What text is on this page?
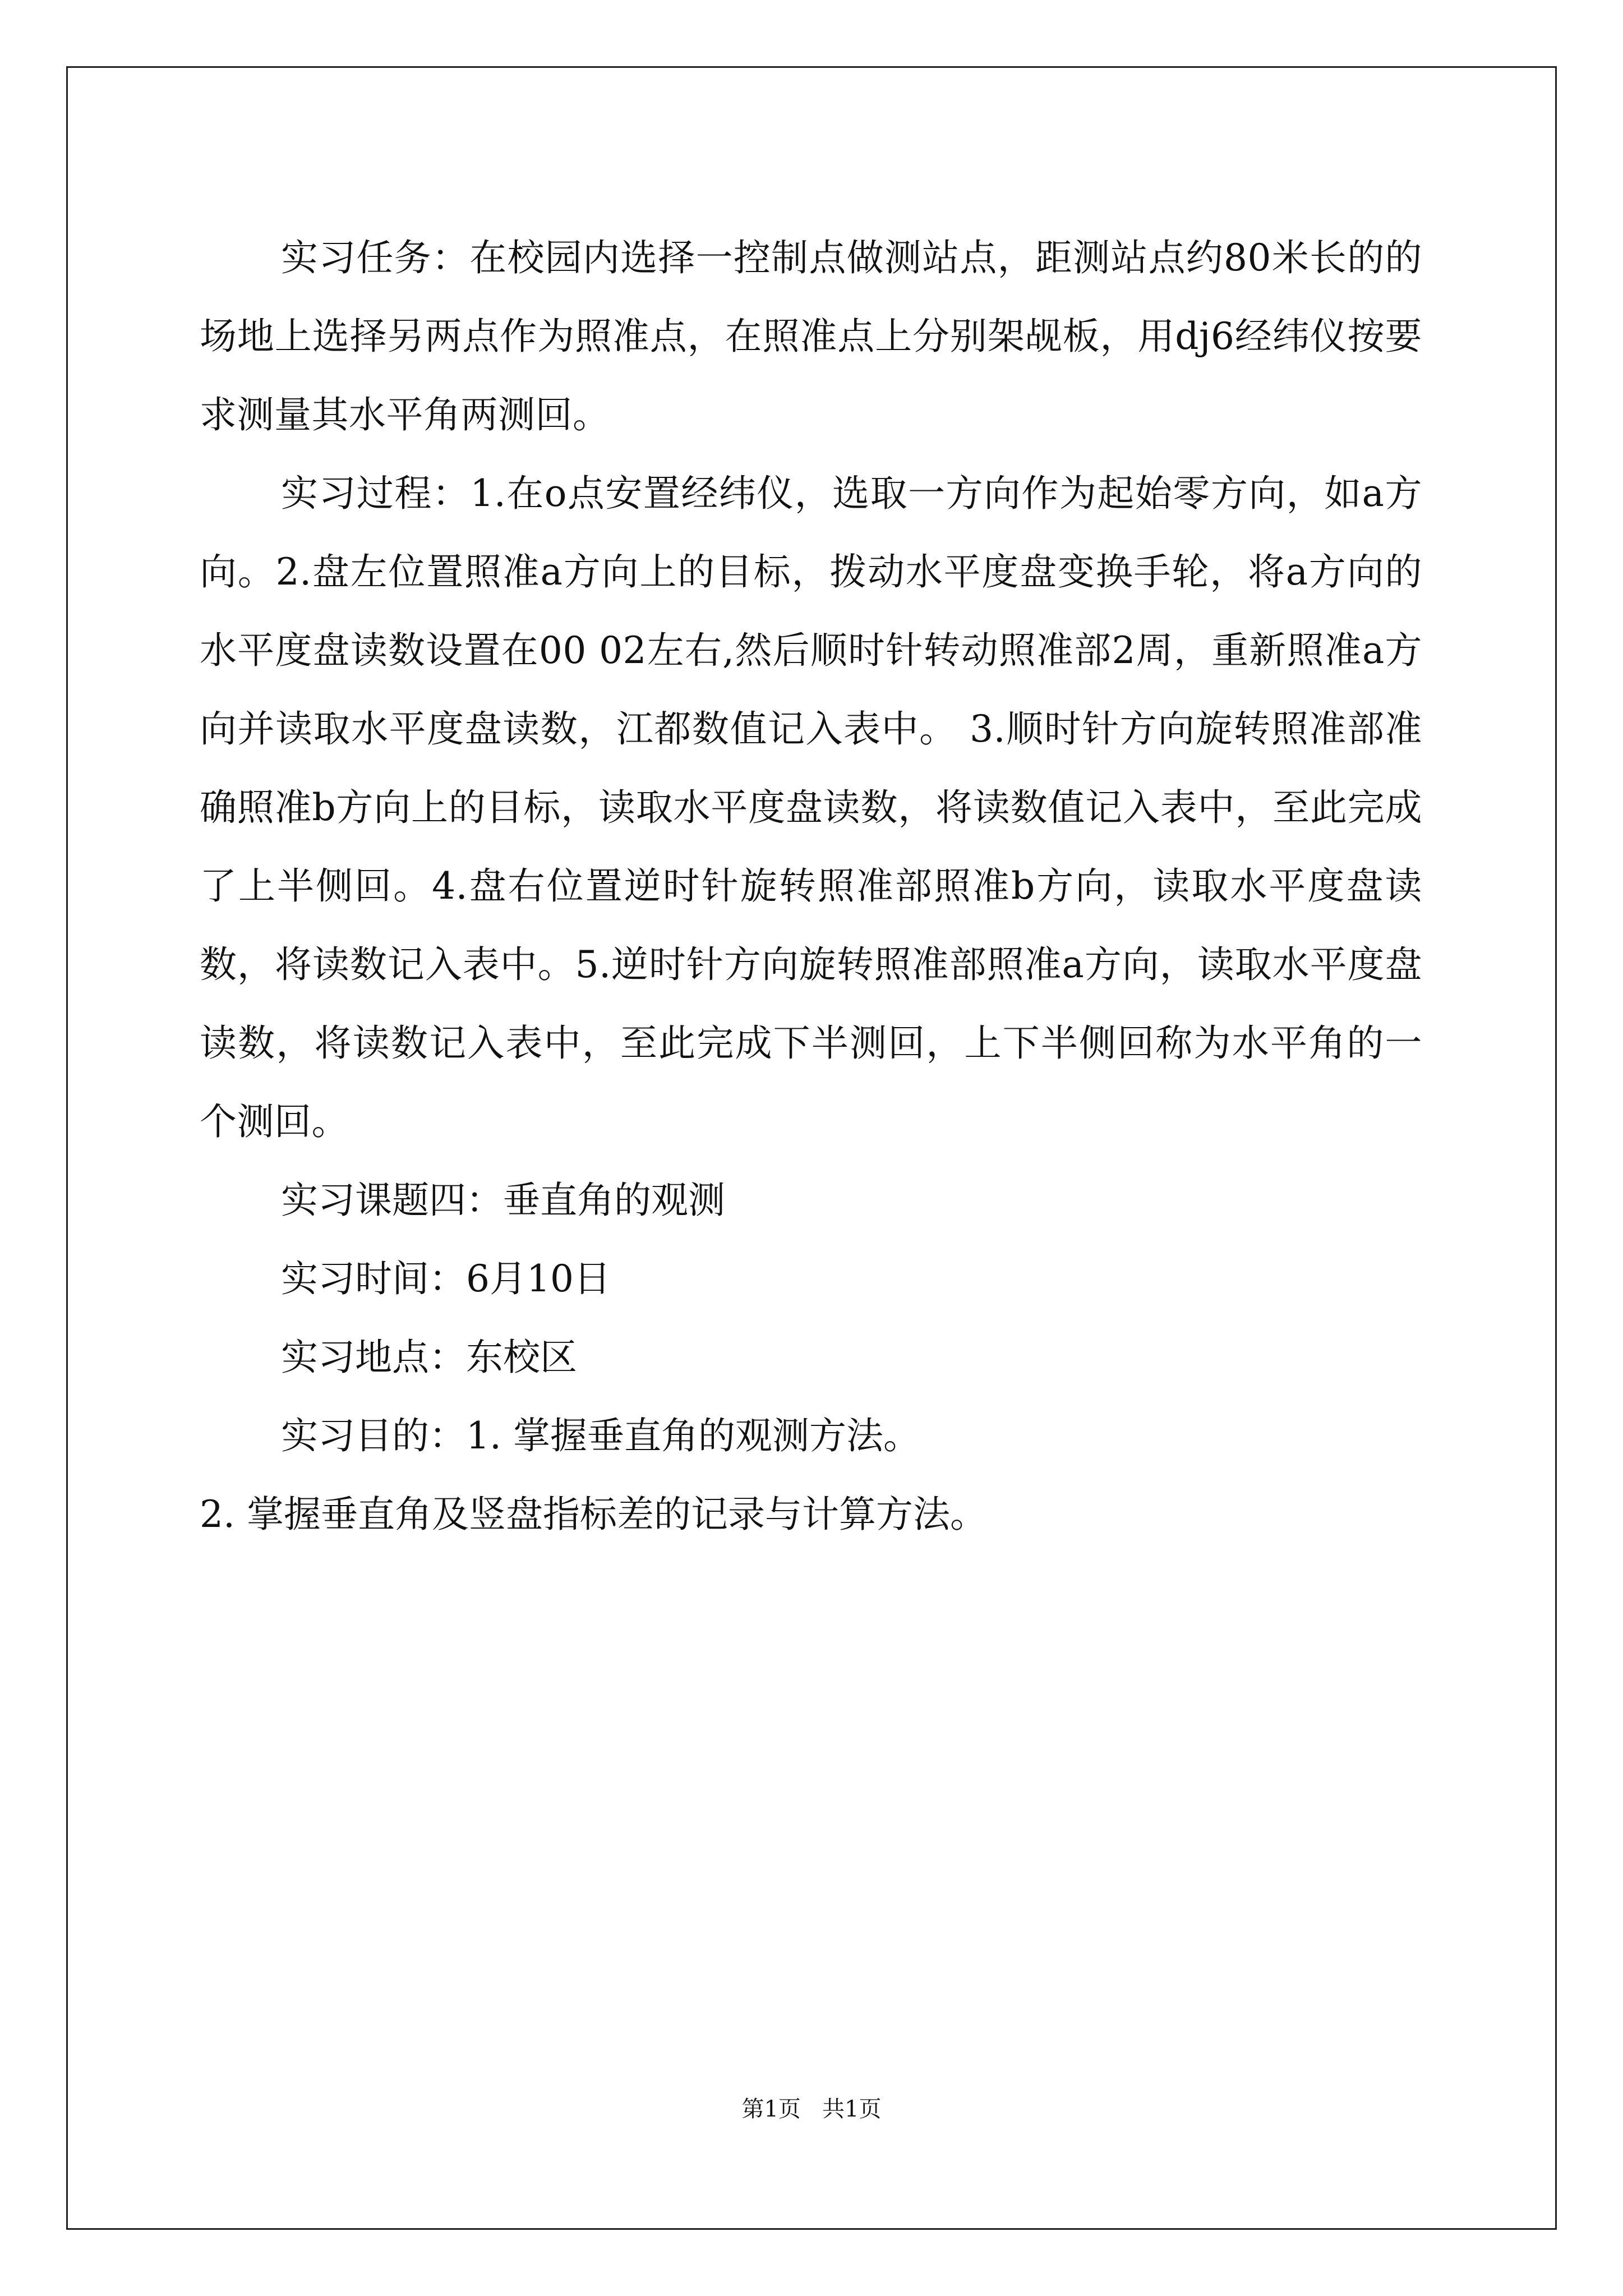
实习任务：在校园内选择一控制点做测站点，距测站点约80米长的的场地上选择另两点作为照准点，在照准点上分别架觇板，用dj6经纬仪按要求测量其水平角两测回。

实习过程：1.在o点安置经纬仪，选取一方向作为起始零方向，如a方向。2.盘左位置照准a方向上的目标，拨动水平度盘变换手轮，将a方向的水平度盘读数设置在00 02左右,然后顺时针转动照准部2周，重新照准a方向并读取水平度盘读数，江都数值记入表中。 3.顺时针方向旋转照准部准确照准b方向上的目标，读取水平度盘读数，将读数值记入表中，至此完成了上半侧回。4.盘右位置逆时针旋转照准部照准b方向，读取水平度盘读数，将读数记入表中。5.逆时针方向旋转照准部照准a方向，读取水平度盘读数，将读数记入表中，至此完成下半测回，上下半侧回称为水平角的一个测回。

实习课题四：垂直角的观测

实习时间：6月10日

实习地点：东校区

实习目的：1. 掌握垂直角的观测方法。

2. 掌握垂直角及竖盘指标差的记录与计算方法。

第1页   共1页
